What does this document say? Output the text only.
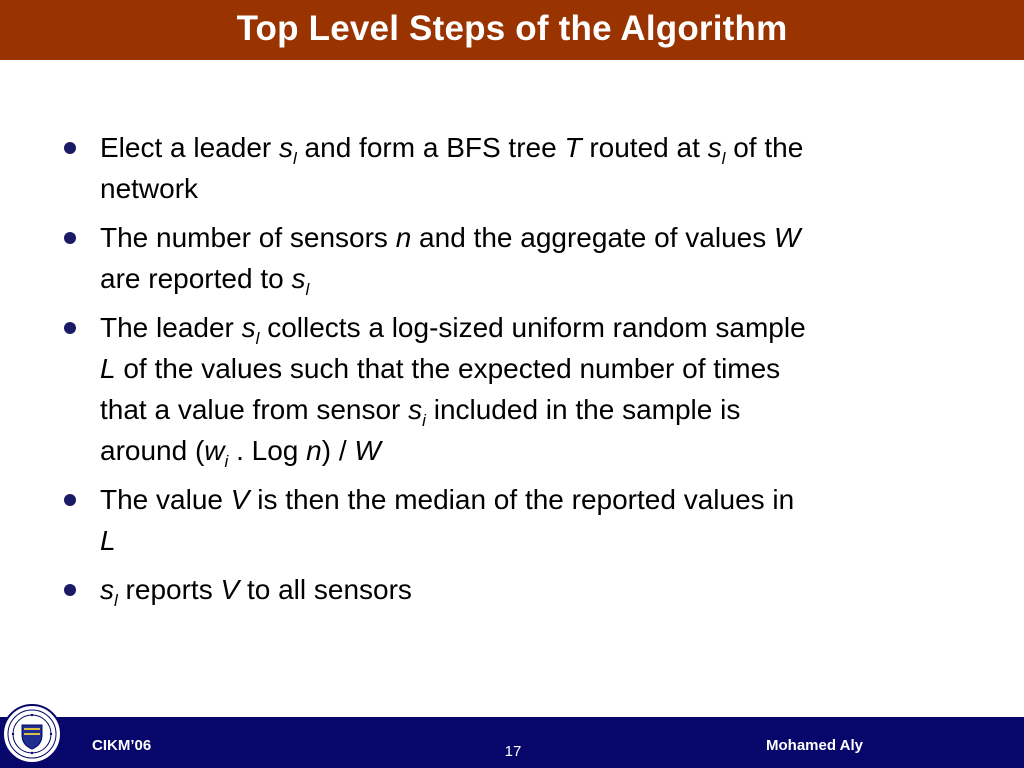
Top Level Steps of the Algorithm
Elect a leader $s_l$ and form a BFS tree T routed at $s_l$ of the
network
The number of sensors n and the aggregate of values W
are reported to $s_l$
The leader $s_l$ collects a log-sized uniform random sample
L of the values such that the expected number of times
that a value from sensor $s_i$ included in the sample is
around ($w_i$ . Log n) / W
The value V is then the median of the reported values in
L
$s_l$ reports V to all sensors
CIKM’06	17	Mohamed Aly
